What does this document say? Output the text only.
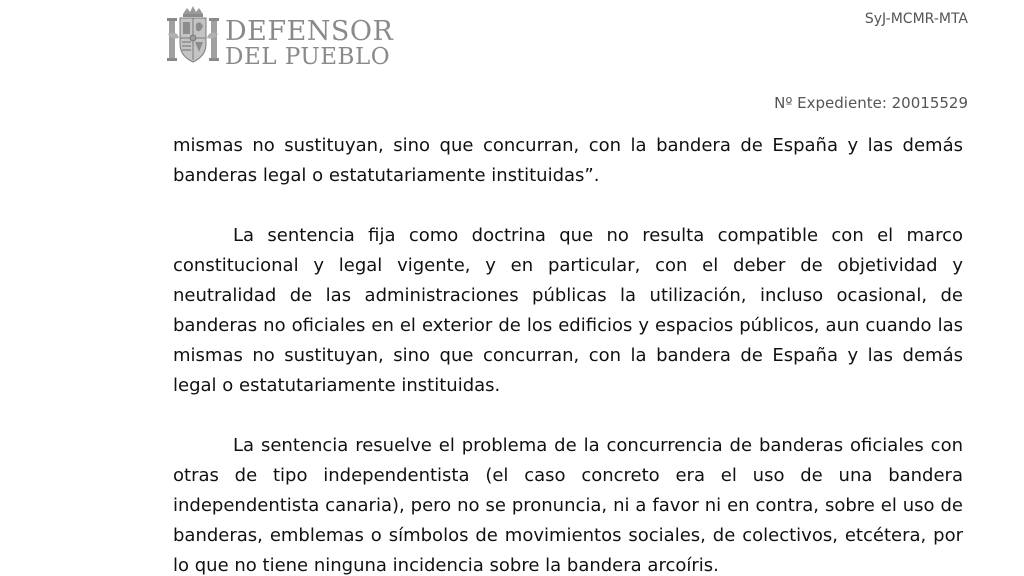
DEFENSOR
DEL PUEBLO
SyJ-MCMR-MTA
Nº Expediente: 20015529

mismas no sustituyan, sino que concurran, con la bandera de España y las demás banderas legal o estatutariamente instituidas”.

La sentencia fija como doctrina que no resulta compatible con el marco constitucional y legal vigente, y en particular, con el deber de objetividad y neutralidad de las administraciones públicas la utilización, incluso ocasional, de banderas no oficiales en el exterior de los edificios y espacios públicos, aun cuando las mismas no sustituyan, sino que concurran, con la bandera de España y las demás legal o estatutariamente instituidas.

La sentencia resuelve el problema de la concurrencia de banderas oficiales con otras de tipo independentista (el caso concreto era el uso de una bandera independentista canaria), pero no se pronuncia, ni a favor ni en contra, sobre el uso de banderas, emblemas o símbolos de movimientos sociales, de colectivos, etcétera, por lo que no tiene ninguna incidencia sobre la bandera arcoíris.
